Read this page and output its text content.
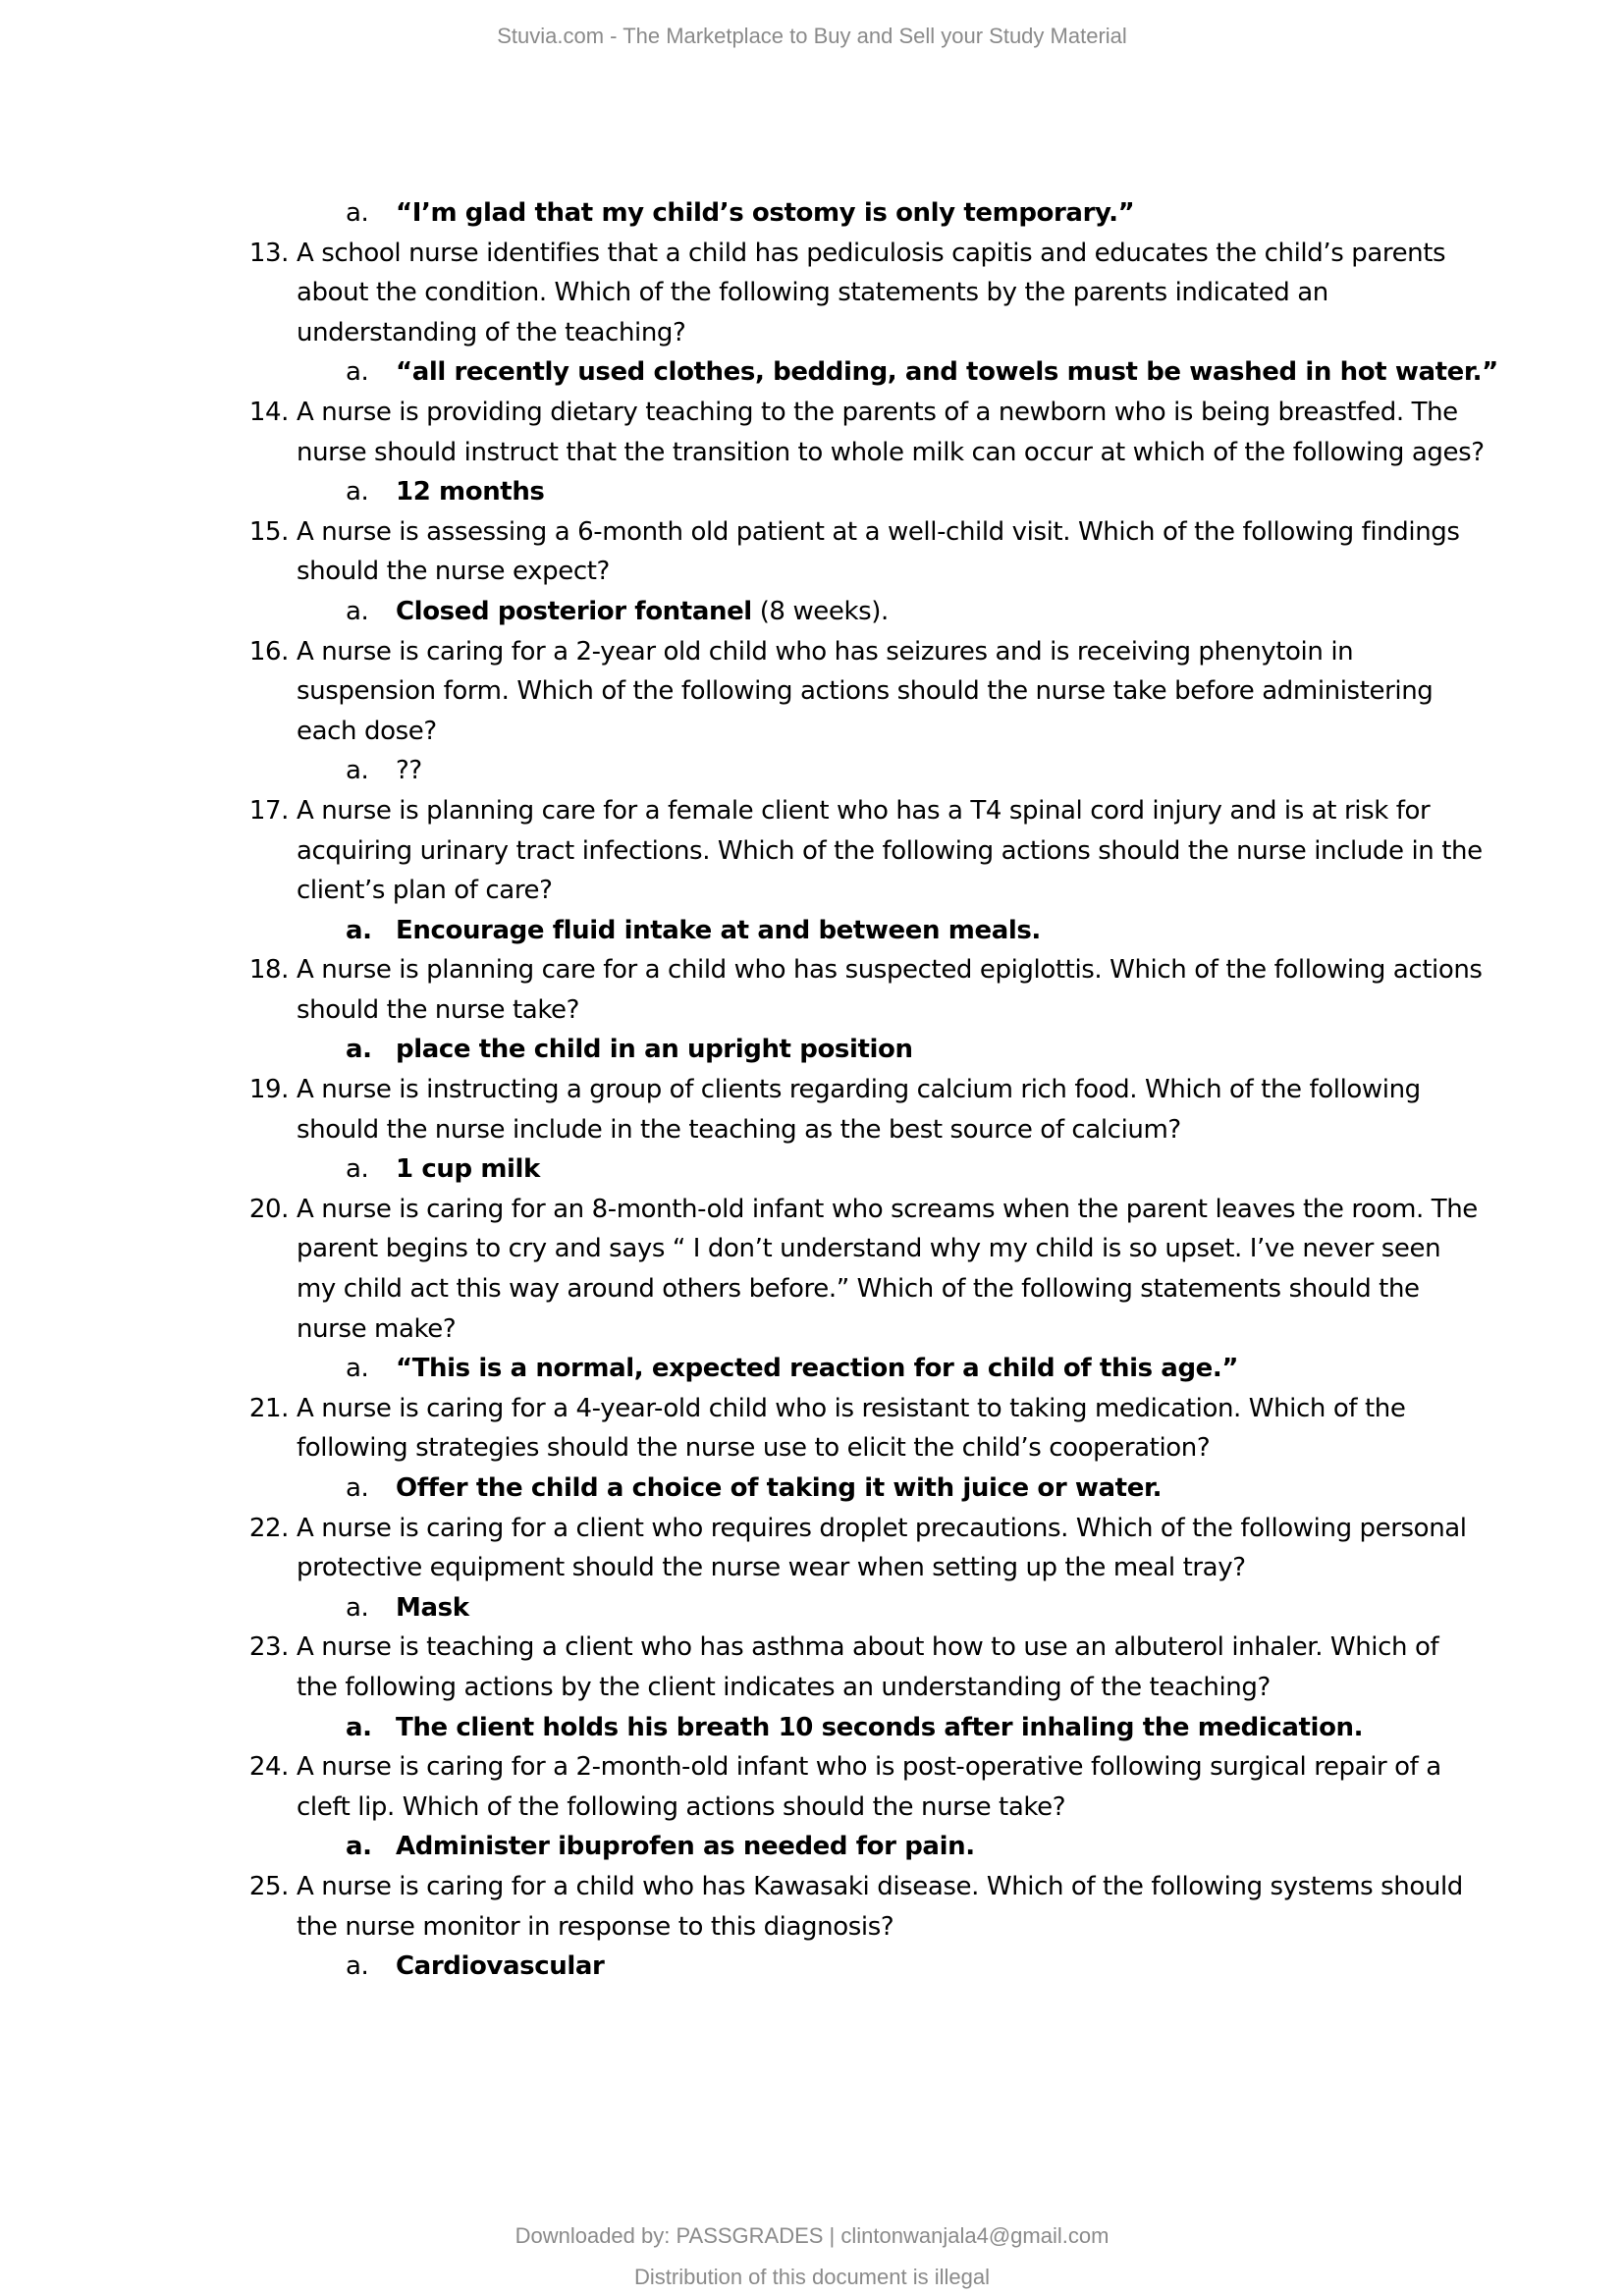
Stuvia.com - The Marketplace to Buy and Sell your Study Material
a. “I’m glad that my child’s ostomy is only temporary.”
13. A school nurse identifies that a child has pediculosis capitis and educates the child’s parents about the condition. Which of the following statements by the parents indicated an understanding of the teaching?
a. “all recently used clothes, bedding, and towels must be washed in hot water.”
14. A nurse is providing dietary teaching to the parents of a newborn who is being breastfed. The nurse should instruct that the transition to whole milk can occur at which of the following ages?
a. 12 months
15. A nurse is assessing a 6-month old patient at a well-child visit. Which of the following findings should the nurse expect?
a. Closed posterior fontanel (8 weeks).
16. A nurse is caring for a 2-year old child who has seizures and is receiving phenytoin in suspension form. Which of the following actions should the nurse take before administering each dose?
a. ??
17. A nurse is planning care for a female client who has a T4 spinal cord injury and is at risk for acquiring urinary tract infections. Which of the following actions should the nurse include in the client’s plan of care?
a. Encourage fluid intake at and between meals.
18. A nurse is planning care for a child who has suspected epiglottis. Which of the following actions should the nurse take?
a. place the child in an upright position
19. A nurse is instructing a group of clients regarding calcium rich food. Which of the following should the nurse include in the teaching as the best source of calcium?
a. 1 cup milk
20. A nurse is caring for an 8-month-old infant who screams when the parent leaves the room. The parent begins to cry and says “ I don’t understand why my child is so upset. I’ve never seen my child act this way around others before.” Which of the following statements should the nurse make?
a. “This is a normal, expected reaction for a child of this age.”
21. A nurse is caring for a 4-year-old child who is resistant to taking medication. Which of the following strategies should the nurse use to elicit the child’s cooperation?
a. Offer the child a choice of taking it with juice or water.
22. A nurse is caring for a client who requires droplet precautions. Which of the following personal protective equipment should the nurse wear when setting up the meal tray?
a. Mask
23. A nurse is teaching a client who has asthma about how to use an albuterol inhaler. Which of the following actions by the client indicates an understanding of the teaching?
a. The client holds his breath 10 seconds after inhaling the medication.
24. A nurse is caring for a 2-month-old infant who is post-operative following surgical repair of a cleft lip. Which of the following actions should the nurse take?
a. Administer ibuprofen as needed for pain.
25. A nurse is caring for a child who has Kawasaki disease. Which of the following systems should the nurse monitor in response to this diagnosis?
a. Cardiovascular
Downloaded by: PASSGRADES | clintonwanjala4@gmail.com
Distribution of this document is illegal
